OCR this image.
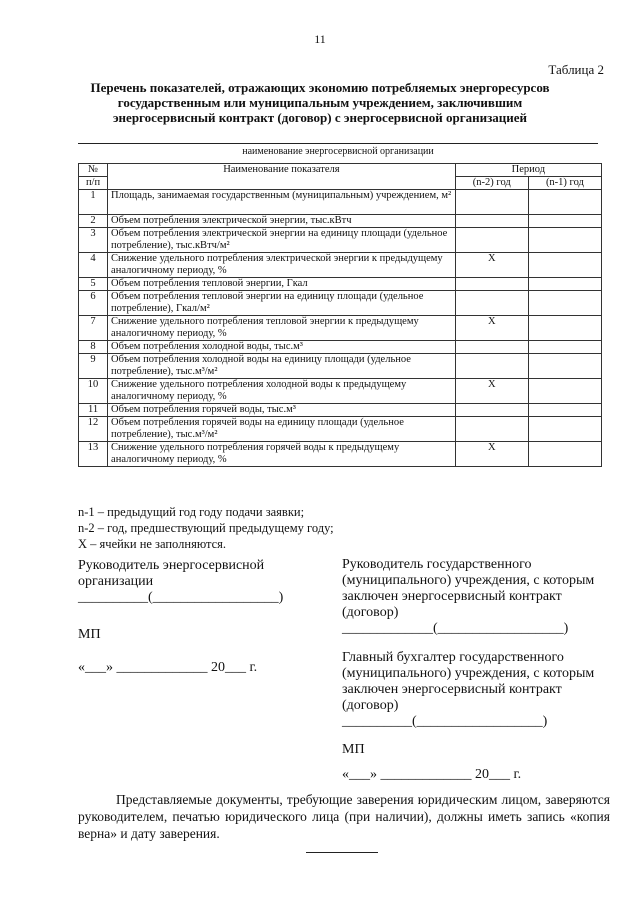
11
Таблица 2
Перечень показателей, отражающих экономию потребляемых энергоресурсов государственным или муниципальным учреждением, заключившим энергосервисный контракт (договор) с энергосервисной организацией
наименование энергосервисной организации
№	Наименование показателя	Период	
п/п		(n-2) год	(n-1) год
1	Площадь, занимаемая государственным (муниципальным) учреждением, м²		
2	Объем потребления электрической энергии, тыс.кВтч		
3	Объем потребления электрической энергии на единицу площади (удельное потребление), тыс.кВтч/м²		
4	Снижение удельного потребления электрической энергии к предыдущему аналогичному периоду, %	X	
5	Объем потребления тепловой энергии, Гкал		
6	Объем потребления тепловой энергии на единицу площади (удельное потребление), Гкал/м²		
7	Снижение удельного потребления тепловой энергии к предыдущему аналогичному периоду, %	X	
8	Объем потребления холодной воды, тыс.м³		
9	Объем потребления холодной воды на единицу площади (удельное потребление), тыс.м³/м²		
10	Снижение удельного потребления холодной воды к предыдущему аналогичному периоду, %	X	
11	Объем потребления горячей воды, тыс.м³		
12	Объем потребления горячей воды на единицу площади (удельное потребление), тыс.м³/м²		
13	Снижение удельного потребления горячей воды к предыдущему аналогичному периоду, %	X	
n-1 – предыдущий год году подачи заявки;
n-2 – год, предшествующий предыдущему году;
X – ячейки не заполняются.
Руководитель энергосервисной организации
__________(__________________)
МП
«___» _____________ 20___ г.
Руководитель государственного (муниципального) учреждения, с которым заключен энергосервисный контракт (договор)
_____________(__________________)
Главный бухгалтер государственного (муниципального) учреждения, с которым заключен энергосервисный контракт (договор)
__________(__________________)
МП
«___» _____________ 20___ г.
Представляемые документы, требующие заверения юридическим лицом, заверяются руководителем, печатью юридического лица (при наличии), должны иметь запись «копия верна» и дату заверения.
